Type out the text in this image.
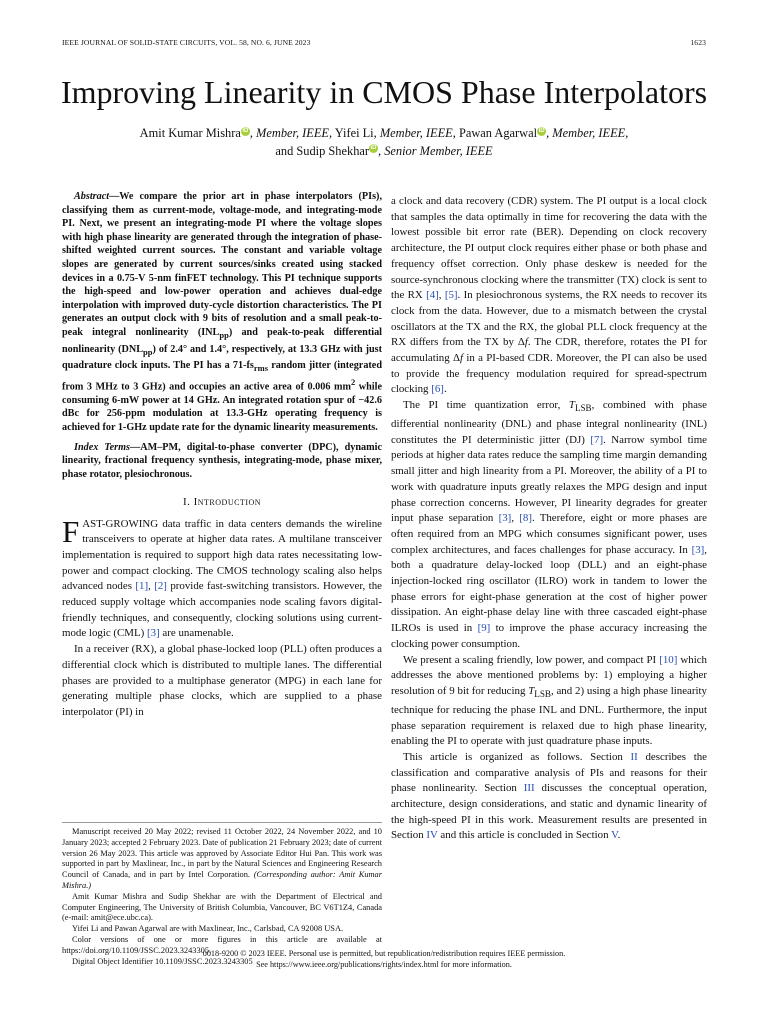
IEEE JOURNAL OF SOLID-STATE CIRCUITS, VOL. 58, NO. 6, JUNE 2023	1623
Improving Linearity in CMOS Phase Interpolators
Amit Kumar Mishra iD , Member, IEEE, Yifei Li, Member, IEEE, Pawan Agarwal iD , Member, IEEE,
and Sudip Shekhar iD , Senior Member, IEEE

Abstract—We compare the prior art in phase interpolators (PIs), classifying them as current-mode, voltage-mode, and integrating-mode PI. Next, we present an integrating-mode PI where the voltage slopes with high phase linearity are generated through the integration of phase-shifted weighted current sources. The constant and variable voltage slopes are generated by current sources/sinks created using stacked devices in a 0.75-V 5-nm finFET technology. This PI technique supports the high-speed and low-power operation and achieves dual-edge interpolation with improved duty-cycle distortion characteristics. The PI generates an output clock with 9 bits of resolution and a small peak-to-peak integral nonlinearity $(INL_{pp})$ and peak-to-peak differential nonlinearity $(DNL_{pp})$ of 2.4° and 1.4°, respectively, at 13.3 GHz with just quadrature clock inputs. The PI has a $71-fs_{rms}$ random jitter (integrated from 3 MHz to 3 GHz) and occupies an active area of 0.006 $mm^2$ while consuming 6-mW power at 14 GHz. An integrated rotation spur of −42.6 dBc for 256-ppm modulation at 13.3-GHz operating frequency is achieved for 1-GHz update rate for the dynamic linearity measurements.

Index Terms—AM–PM, digital-to-phase converter (DPC), dynamic linearity, fractional frequency synthesis, integrating-mode, phase mixer, phase rotator, plesiochronous.

I. Introduction

FAST-GROWING data traffic in data centers demands the wireline transceivers to operate at higher data rates. A multilane transceiver implementation is required to support high data rates necessitating low-power and compact clocking. The CMOS technology scaling also helps advanced nodes [1], [2] provide fast-switching transistors. However, the reduced supply voltage which accompanies node scaling favors digital-friendly techniques, and consequently, clocking solutions using current-mode logic (CML) [3] are unamenable.

In a receiver (RX), a global phase-locked loop (PLL) often produces a differential clock which is distributed to multiple lanes. The differential phases are provided to a multiphase generator (MPG) in each lane for generating multiple phase clocks, which are supplied to a phase interpolator (PI) in

a clock and data recovery (CDR) system. The PI output is a local clock that samples the data optimally in time for recovering the data with the lowest possible bit error rate (BER). Depending on clock recovery architecture, the PI output clock requires either phase or both phase and frequency offset correction. Only phase deskew is needed for the source-synchronous clocking where the transmitter (TX) clock is sent to the RX [4], [5]. In plesiochronous systems, the RX needs to recover its clock from the data. However, due to a mismatch between the crystal oscillators at the TX and the RX, the global PLL clock frequency at the RX differs from the TX by Δf. The CDR, therefore, rotates the PI for accumulating Δf in a PI-based CDR. Moreover, the PI can also be used to provide the frequency modulation required for spread-spectrum clocking [6].

The PI time quantization error, $T_{LSB}$, combined with phase differential nonlinearity (DNL) and phase integral nonlinearity (INL) constitutes the PI deterministic jitter (DJ) [7]. Narrow symbol time periods at higher data rates reduce the sampling time margin demanding small jitter and high linearity from a PI. Moreover, the ability of a PI to work with quadrature inputs greatly relaxes the MPG design and input phase correction concerns. However, PI linearity degrades for greater input phase separation [3], [8]. Therefore, eight or more phases are often required from an MPG which consumes significant power, uses complex architectures, and faces challenges for phase accuracy. In [3], both a quadrature delay-locked loop (DLL) and an eight-phase injection-locked ring oscillator (ILRO) work in tandem to lower the phase errors for eight-phase generation at the cost of higher power dissipation. An eight-phase delay line with three cascaded eight-phase ILROs is used in [9] to improve the phase accuracy increasing the clocking power consumption.

We present a scaling friendly, low power, and compact PI [10] which addresses the above mentioned problems by: 1) employing a higher resolution of 9 bit for reducing $T_{LSB}$, and 2) using a high phase linearity technique for reducing the phase INL and DNL. Furthermore, the input phase separation requirement is relaxed due to high phase linearity, enabling the PI to operate with just quadrature phase inputs.

This article is organized as follows. Section II describes the classification and comparative analysis of PIs and reasons for their phase nonlinearity. Section III discusses the conceptual operation, architecture, design considerations, and static and dynamic linearity of the high-speed PI in this work. Measurement results are presented in Section IV and this article is concluded in Section V.

Manuscript received 20 May 2022; revised 11 October 2022, 24 November 2022, and 10 January 2023; accepted 2 February 2023. Date of publication 21 February 2023; date of current version 26 May 2023. This article was approved by Associate Editor Hui Pan. This work was supported in part by Maxlinear, Inc., in part by the Natural Sciences and Engineering Research Council of Canada, and in part by Intel Corporation. (Corresponding author: Amit Kumar Mishra.)

Amit Kumar Mishra and Sudip Shekhar are with the Department of Electrical and Computer Engineering, The University of British Columbia, Vancouver, BC V6T1Z4, Canada (e-mail: amit@ece.ubc.ca).

Yifei Li and Pawan Agarwal are with Maxlinear, Inc., Carlsbad, CA 92008 USA.

Color versions of one or more figures in this article are available at https://doi.org/10.1109/JSSC.2023.3243305.

Digital Object Identifier 10.1109/JSSC.2023.3243305

0018-9200 © 2023 IEEE. Personal use is permitted, but republication/redistribution requires IEEE permission.
See https://www.ieee.org/publications/rights/index.html for more information.
